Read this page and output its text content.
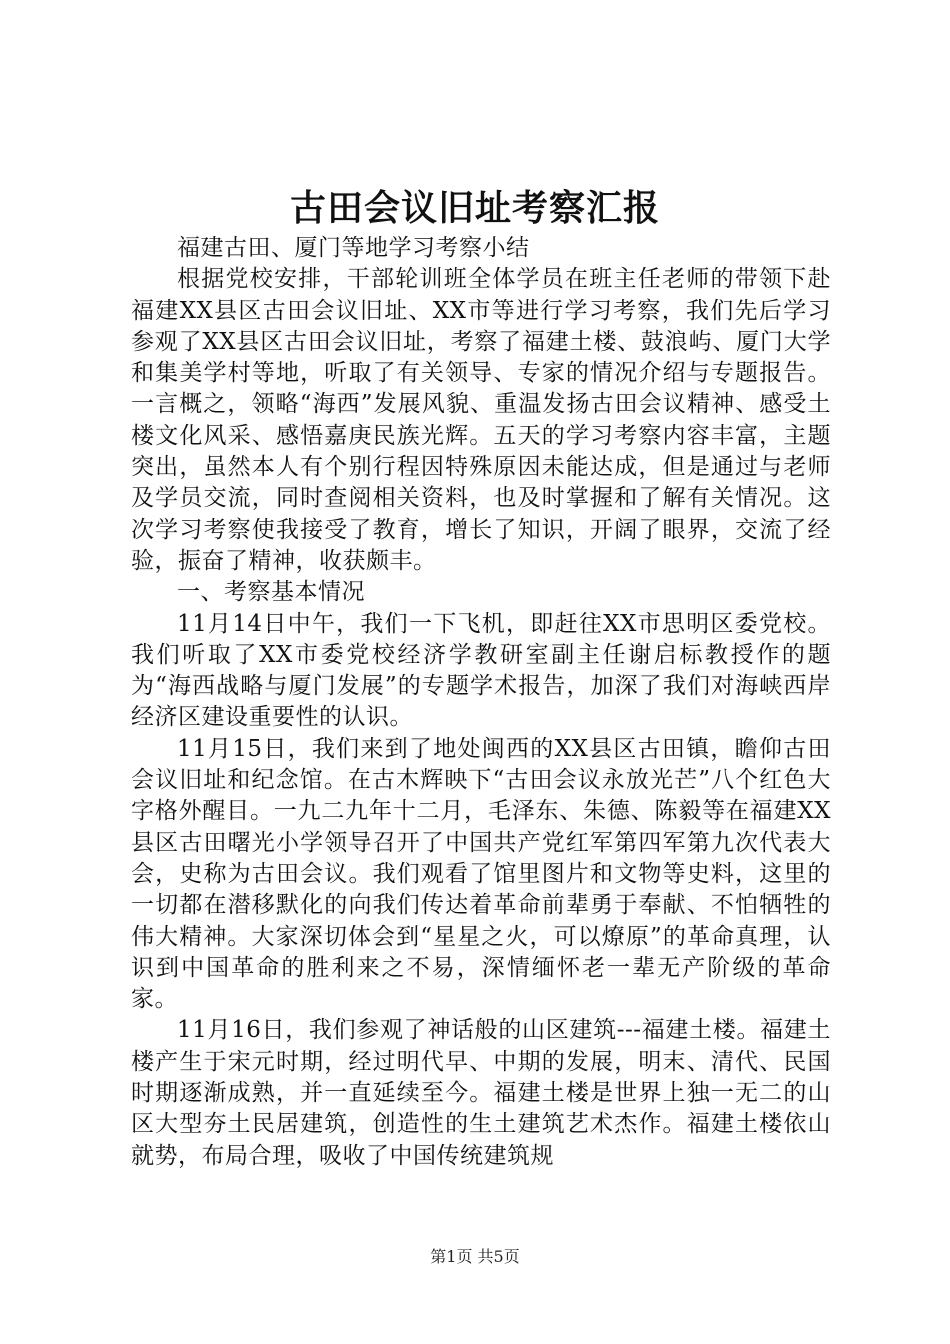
古田会议旧址考察汇报

福建古田、厦门等地学习考察小结

根据党校安排，干部轮训班全体学员在班主任老师的带领下赴福建XX县区古田会议旧址、XX市等进行学习考察，我们先后学习参观了XX县区古田会议旧址，考察了福建土楼、鼓浪屿、厦门大学和集美学村等地，听取了有关领导、专家的情况介绍与专题报告。一言概之，领略“海西”发展风貌、重温发扬古田会议精神、感受土楼文化风采、感悟嘉庚民族光辉。五天的学习考察内容丰富，主题突出，虽然本人有个别行程因特殊原因未能达成，但是通过与老师及学员交流，同时查阅相关资料，也及时掌握和了解有关情况。这次学习考察使我接受了教育，增长了知识，开阔了眼界，交流了经验，振奋了精神，收获颇丰。

一、考察基本情况

11月14日中午，我们一下飞机，即赶往XX市思明区委党校。我们听取了XX市委党校经济学教研室副主任谢启标教授作的题为“海西战略与厦门发展”的专题学术报告，加深了我们对海峡西岸经济区建设重要性的认识。

11月15日，我们来到了地处闽西的XX县区古田镇，瞻仰古田会议旧址和纪念馆。在古木辉映下“古田会议永放光芒”八个红色大字格外醒目。一九二九年十二月，毛泽东、朱德、陈毅等在福建XX县区古田曙光小学领导召开了中国共产党红军第四军第九次代表大会，史称为古田会议。我们观看了馆里图片和文物等史料，这里的一切都在潜移默化的向我们传达着革命前辈勇于奉献、不怕牺牲的伟大精神。大家深切体会到“星星之火，可以燎原”的革命真理，认识到中国革命的胜利来之不易，深情缅怀老一辈无产阶级的革命家。

11月16日，我们参观了神话般的山区建筑---福建土楼。福建土楼产生于宋元时期，经过明代早、中期的发展，明末、清代、民国时期逐渐成熟，并一直延续至今。福建土楼是世界上独一无二的山区大型夯土民居建筑，创造性的生土建筑艺术杰作。福建土楼依山就势，布局合理，吸收了中国传统建筑规

第1页 共5页
